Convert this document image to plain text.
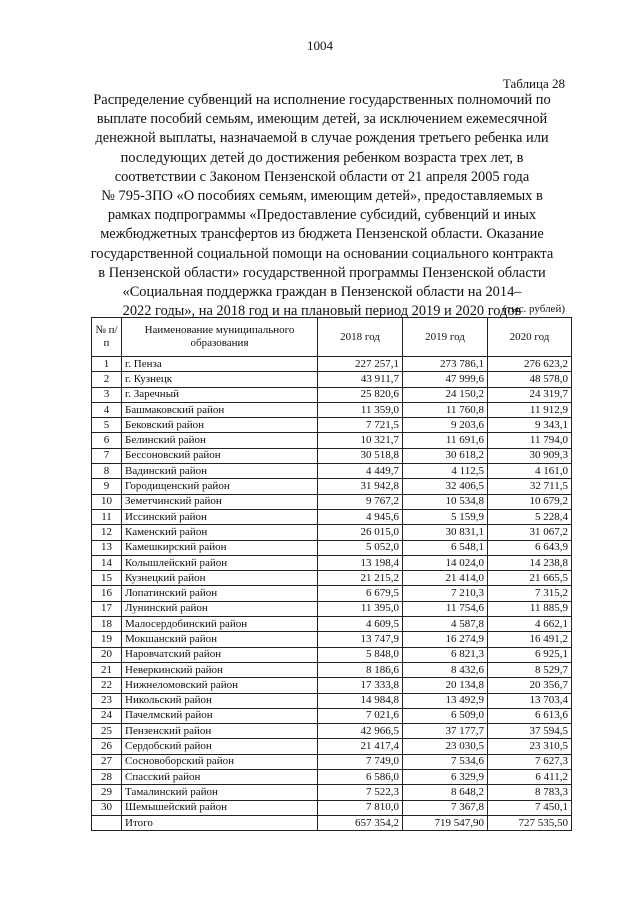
1004
Таблица 28
Распределение субвенций на исполнение государственных полномочий по
выплате пособий семьям, имеющим детей, за исключением ежемесячной
денежной выплаты, назначаемой в случае рождения третьего ребенка или
последующих детей до достижения ребенком возраста трех лет, в
соответствии с Законом Пензенской области от 21 апреля 2005 года
№ 795-ЗПО «О пособиях семьям, имеющим детей», предоставляемых в
рамках подпрограммы «Предоставление субсидий, субвенций и иных
межбюджетных трансфертов из бюджета Пензенской области. Оказание
государственной социальной помощи на основании социального контракта
в Пензенской области» государственной программы Пензенской области
«Социальная поддержка граждан в Пензенской области на 2014–
2022 годы», на 2018 год и на плановый период 2019 и 2020 годов
(тыс. рублей)
№ п/п	Наименование муниципального образования	2018 год	2019 год	2020 год
1	г. Пенза	227 257,1	273 786,1	276 623,2
2	г. Кузнецк	43 911,7	47 999,6	48 578,0
3	г. Заречный	25 820,6	24 150,2	24 319,7
4	Башмаковский район	11 359,0	11 760,8	11 912,9
5	Бековский район	7 721,5	9 203,6	9 343,1
6	Белинский район	10 321,7	11 691,6	11 794,0
7	Бессоновский район	30 518,8	30 618,2	30 909,3
8	Вадинский район	4 449,7	4 112,5	4 161,0
9	Городищенский район	31 942,8	32 406,5	32 711,5
10	Земетчинский район	9 767,2	10 534,8	10 679,2
11	Иссинский район	4 945,6	5 159,9	5 228,4
12	Каменский район	26 015,0	30 831,1	31 067,2
13	Камешкирский район	5 052,0	6 548,1	6 643,9
14	Колышлейский район	13 198,4	14 024,0	14 238,8
15	Кузнецкий район	21 215,2	21 414,0	21 665,5
16	Лопатинский район	6 679,5	7 210,3	7 315,2
17	Лунинский район	11 395,0	11 754,6	11 885,9
18	Малосердобинский район	4 609,5	4 587,8	4 662,1
19	Мокшанский район	13 747,9	16 274,9	16 491,2
20	Наровчатский район	5 848,0	6 821,3	6 925,1
21	Неверкинский район	8 186,6	8 432,6	8 529,7
22	Нижнеломовский район	17 333,8	20 134,8	20 356,7
23	Никольский район	14 984,8	13 492,9	13 703,4
24	Пачелмский район	7 021,6	6 509,0	6 613,6
25	Пензенский район	42 966,5	37 177,7	37 594,5
26	Сердобский район	21 417,4	23 030,5	23 310,5
27	Сосновоборский район	7 749,0	7 534,6	7 627,3
28	Спасский район	6 586,0	6 329,9	6 411,2
29	Тамалинский район	7 522,3	8 648,2	8 783,3
30	Шемышейский район	7 810,0	7 367,8	7 450,1
	Итого	657 354,2	719 547,90	727 535,50
